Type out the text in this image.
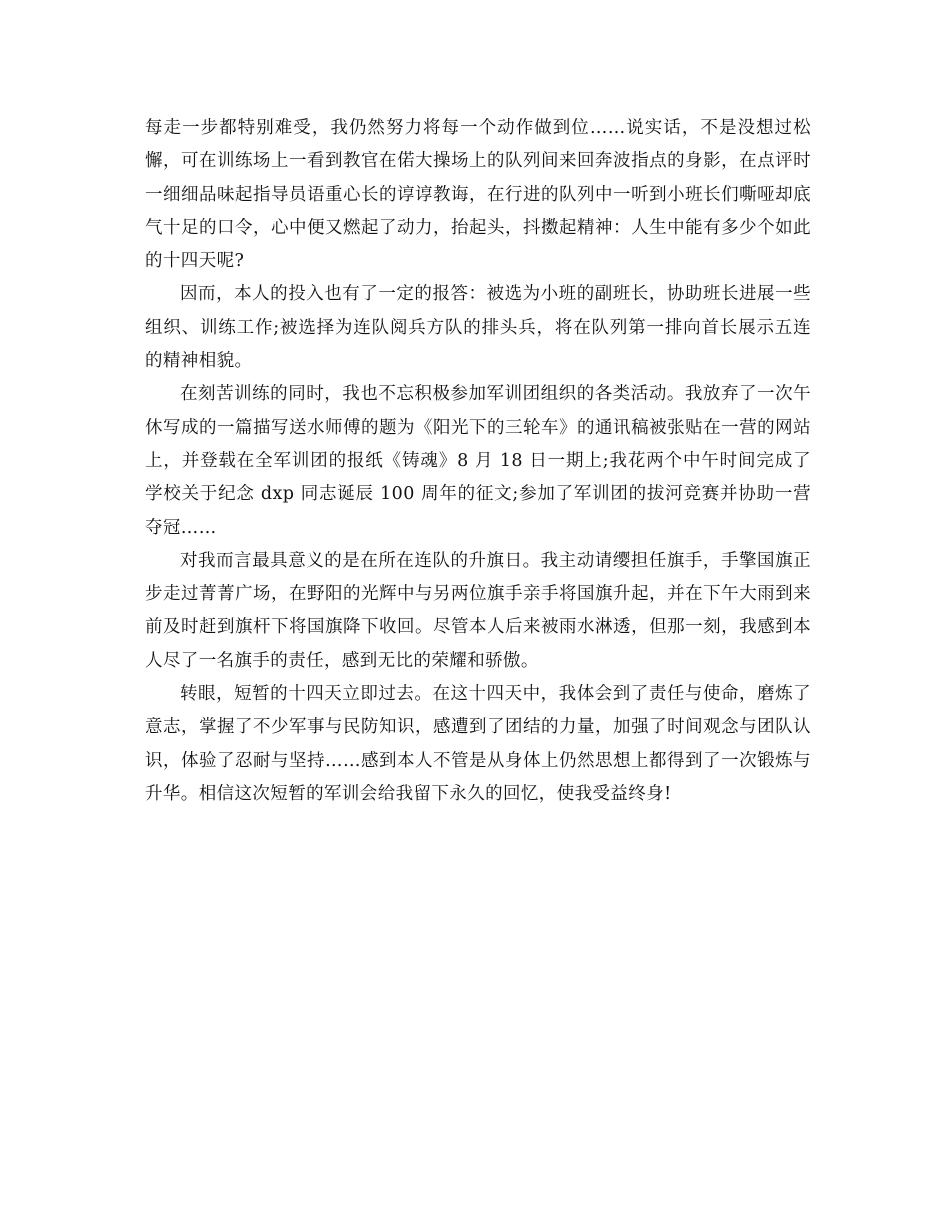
每走一步都特别难受，我仍然努力将每一个动作做到位……说实话，不是没想过松懈，可在训练场上一看到教官在偌大操场上的队列间来回奔波指点的身影，在点评时一细细品味起指导员语重心长的谆谆教诲，在行进的队列中一听到小班长们嘶哑却底气十足的口令，心中便又燃起了动力，抬起头，抖擞起精神：人生中能有多少个如此的十四天呢?

因而，本人的投入也有了一定的报答：被选为小班的副班长，协助班长进展一些组织、训练工作;被选择为连队阅兵方队的排头兵，将在队列第一排向首长展示五连的精神相貌。

在刻苦训练的同时，我也不忘积极参加军训团组织的各类活动。我放弃了一次午休写成的一篇描写送水师傅的题为《阳光下的三轮车》的通讯稿被张贴在一营的网站上，并登载在全军训团的报纸《铸魂》8 月 18 日一期上;我花两个中午时间完成了学校关于纪念 dxp 同志诞辰 100 周年的征文;参加了军训团的拔河竞赛并协助一营夺冠……

对我而言最具意义的是在所在连队的升旗日。我主动请缨担任旗手，手擎国旗正步走过菁菁广场，在野阳的光辉中与另两位旗手亲手将国旗升起，并在下午大雨到来前及时赶到旗杆下将国旗降下收回。尽管本人后来被雨水淋透，但那一刻，我感到本人尽了一名旗手的责任，感到无比的荣耀和骄傲。

转眼，短暂的十四天立即过去。在这十四天中，我体会到了责任与使命，磨炼了意志，掌握了不少军事与民防知识，感遭到了团结的力量，加强了时间观念与团队认识，体验了忍耐与坚持……感到本人不管是从身体上仍然思想上都得到了一次锻炼与升华。相信这次短暂的军训会给我留下永久的回忆，使我受益终身!
